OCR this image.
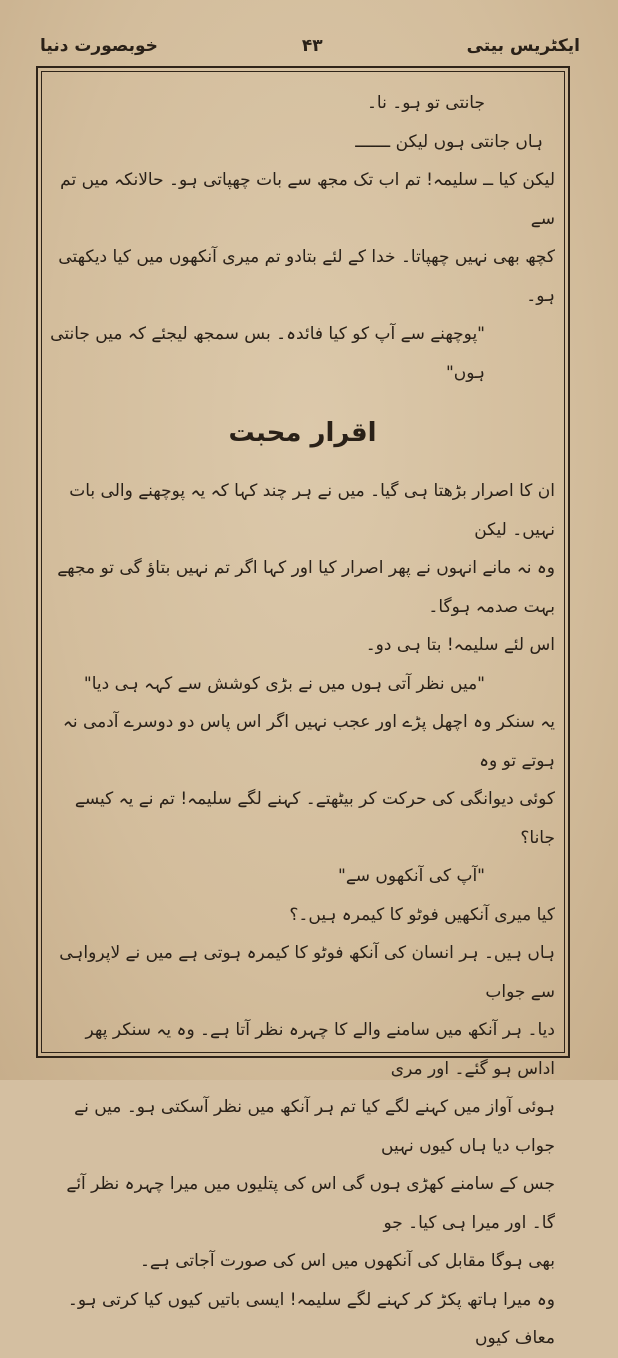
خوبصورت دنیا	۴۳	ایکٹریس بیتی

جانتی تو ہو۔ نا۔

ہاں جانتی ہوں لیکن ـــــــ

لیکن کیا ــ سلیمہ! تم اب تک مجھ سے بات چھپاتی ہو۔ حالانکہ میں تم سے

کچھ بھی نہیں چھپاتا۔ خدا کے لئے بتادو تم میری آنکھوں میں کیا دیکھتی ہو۔

"پوچھنے سے آپ کو کیا فائدہ۔ بس سمجھ لیجئے کہ میں جانتی ہوں"

اقرار محبت

ان کا اصرار بڑھتا ہی گیا۔ میں نے ہر چند کہا کہ یہ پوچھنے والی بات نہیں۔ لیکن

وہ نہ مانے انہوں نے پھر اصرار کیا اور کہا اگر تم نہیں بتاؤ گی تو مجھے بہت صدمہ ہوگا۔

اس لئے سلیمہ! بتا ہی دو۔

"میں نظر آتی ہوں میں نے بڑی کوشش سے کہہ ہی دیا"

یہ سنکر وہ اچھل پڑے اور عجب نہیں اگر اس پاس دو دوسرے آدمی نہ ہوتے تو وہ

کوئی دیوانگی کی حرکت کر بیٹھتے۔ کہنے لگے سلیمہ! تم نے یہ کیسے جانا؟

"آپ کی آنکھوں سے"

کیا میری آنکھیں فوٹو کا کیمرہ ہیں۔؟

ہاں ہیں۔ ہر انسان کی آنکھ فوٹو کا کیمرہ ہوتی ہے میں نے لاپرواہی سے جواب

دیا۔ ہر آنکھ میں سامنے والے کا چہرہ نظر آتا ہے۔ وہ یہ سنکر پھر اداس ہو گئے۔ اور مری

ہوئی آواز میں کہنے لگے کیا تم ہر آنکھ میں نظر آسکتی ہو۔ میں نے جواب دیا ہاں کیوں نہیں

جس کے سامنے کھڑی ہوں گی اس کی پتلیوں میں میرا چہرہ نظر آئے گا۔ اور میرا ہی کیا۔ جو

بھی ہوگا مقابل کی آنکھوں میں اس کی صورت آجاتی ہے۔

وہ میرا ہاتھ پکڑ کر کہنے لگے سلیمہ! ایسی باتیں کیوں کیا کرتی ہو۔ معاف کیوں
